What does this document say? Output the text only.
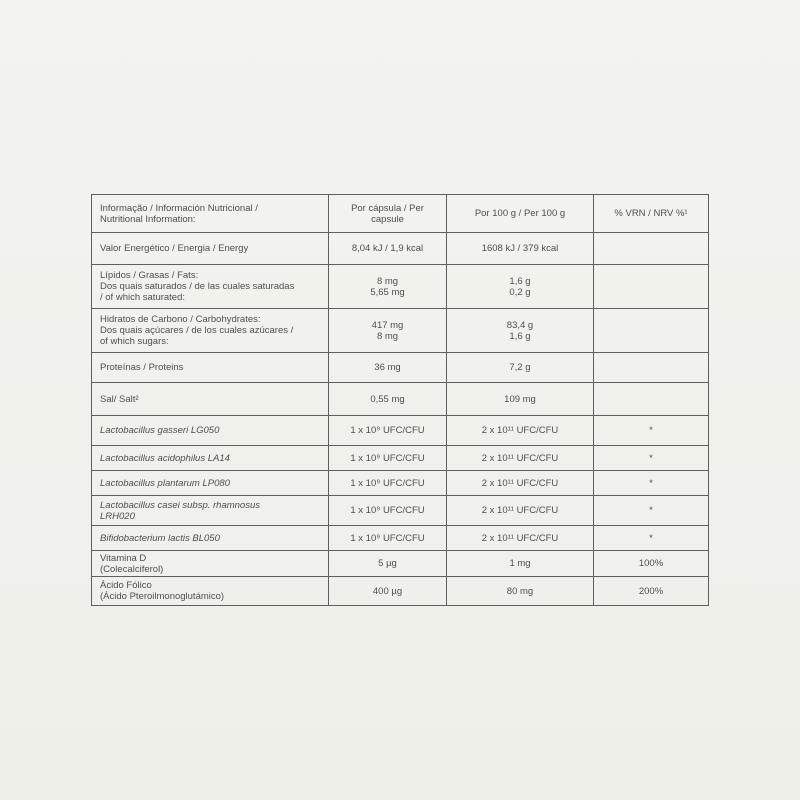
Informação / Información Nutricional /
Nutritional Information:	Por cápsula / Per
capsule	Por 100 g / Per 100 g	% VRN / NRV %¹

Valor Energético / Energia / Energy	8,04 kJ / 1,9 kcal	1608 kJ / 379 kcal	

Lípidos / Grasas / Fats:
Dos quais saturados / de las cuales saturadas
/ of which saturated:	8 mg
5,65 mg	1,6 g
0,2 g	

Hidratos de Carbono / Carbohydrates:
Dos quais açúcares / de los cuales azúcares /
of which sugars:	417 mg
8 mg	83,4 g
1,6 g	

Proteínas / Proteins	36 mg	7,2 g	

Sal/ Salt²	0,55 mg	109 mg	

Lactobacillus gasseri LG050	1 x 10⁹ UFC/CFU	2 x 10¹¹ UFC/CFU	*

Lactobacillus acidophilus LA14	1 x 10⁹ UFC/CFU	2 x 10¹¹ UFC/CFU	*

Lactobacillus plantarum LP080	1 x 10⁹ UFC/CFU	2 x 10¹¹ UFC/CFU	*

Lactobacillus casei subsp. rhamnosus
LRH020	1 x 10⁹ UFC/CFU	2 x 10¹¹ UFC/CFU	*

Bifidobacterium lactis BL050	1 x 10⁹ UFC/CFU	2 x 10¹¹ UFC/CFU	*

Vitamina D
(Colecalciferol)	5 µg	1 mg	100%

Ácido Fólico
(Ácido Pteroilmonoglutámico)	400 µg	80 mg	200%
